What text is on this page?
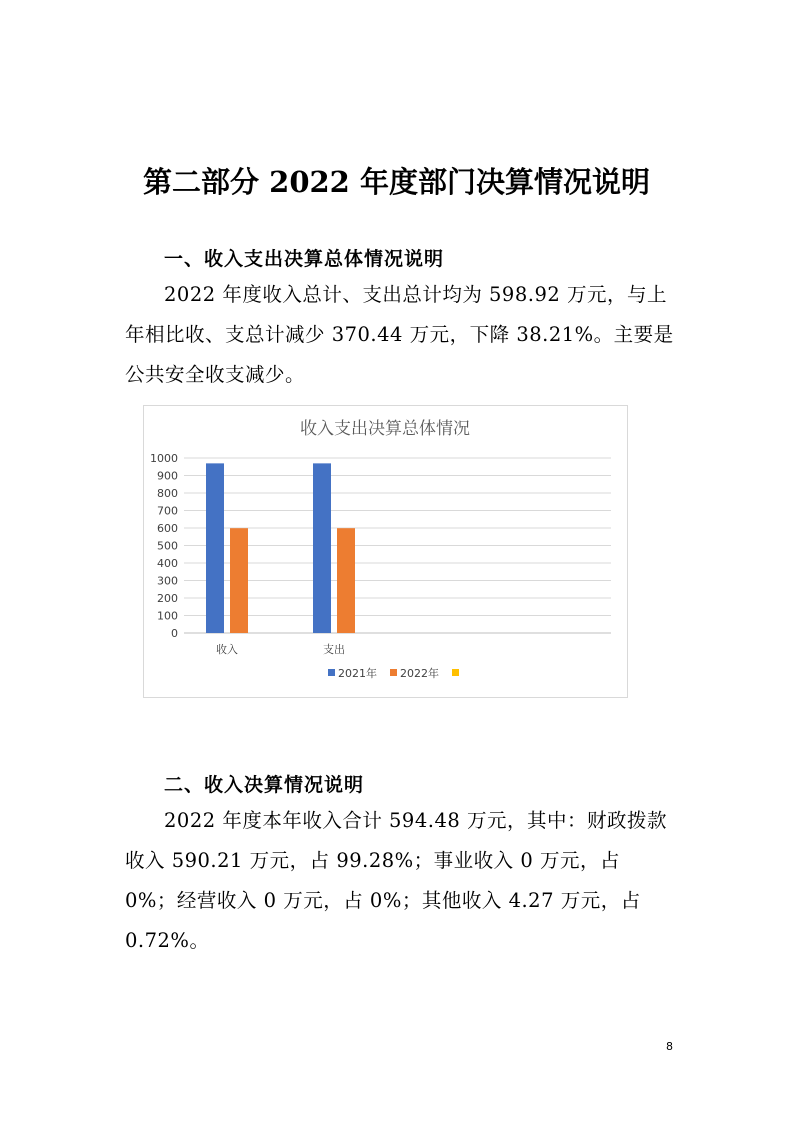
第二部分 2022 年度部门决算情况说明
一、收入支出决算总体情况说明
2022 年度收入总计、支出总计均为 598.92 万元，与上年相比收、支总计减少 370.44 万元，下降 38.21%。主要是公共安全收支减少。
收入支出决算总体情况
0
100
200
300
400
500
600
700
800
900
1000
收入	支出
2021年 2022年
二、收入决算情况说明
2022 年度本年收入合计 594.48 万元，其中：财政拨款收入 590.21 万元，占 99.28%；事业收入 0 万元，占 0%；经营收入 0 万元，占 0%；其他收入 4.27 万元，占 0.72%。
8
